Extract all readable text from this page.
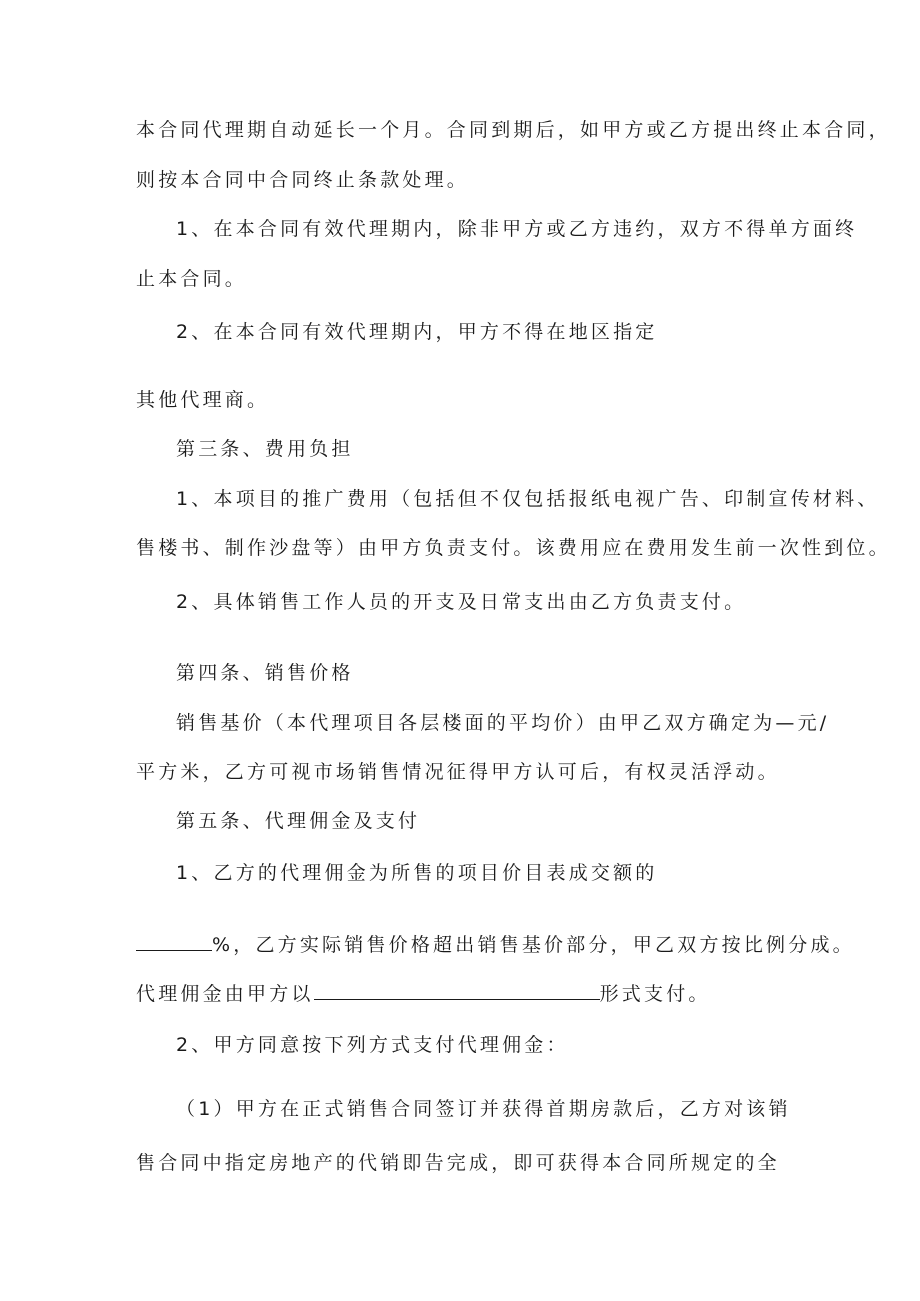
本合同代理期自动延长一个月。合同到期后，如甲方或乙方提出终止本合同，
则按本合同中合同终止条款处理。
1、在本合同有效代理期内，除非甲方或乙方违约，双方不得单方面终
止本合同。
2、在本合同有效代理期内，甲方不得在地区指定
其他代理商。
第三条、费用负担
1、本项目的推广费用（包括但不仅包括报纸电视广告、印制宣传材料、
售楼书、制作沙盘等）由甲方负责支付。该费用应在费用发生前一次性到位。
2、具体销售工作人员的开支及日常支出由乙方负责支付。
第四条、销售价格
销售基价（本代理项目各层楼面的平均价）由甲乙双方确定为—元/
平方米，乙方可视市场销售情况征得甲方认可后，有权灵活浮动。
第五条、代理佣金及支付
1、乙方的代理佣金为所售的项目价目表成交额的
%，乙方实际销售价格超出销售基价部分，甲乙双方按比例分成。
代理佣金由甲方以	形式支付。
2、甲方同意按下列方式支付代理佣金：
（1）甲方在正式销售合同签订并获得首期房款后，乙方对该销
售合同中指定房地产的代销即告完成，即可获得本合同所规定的全
